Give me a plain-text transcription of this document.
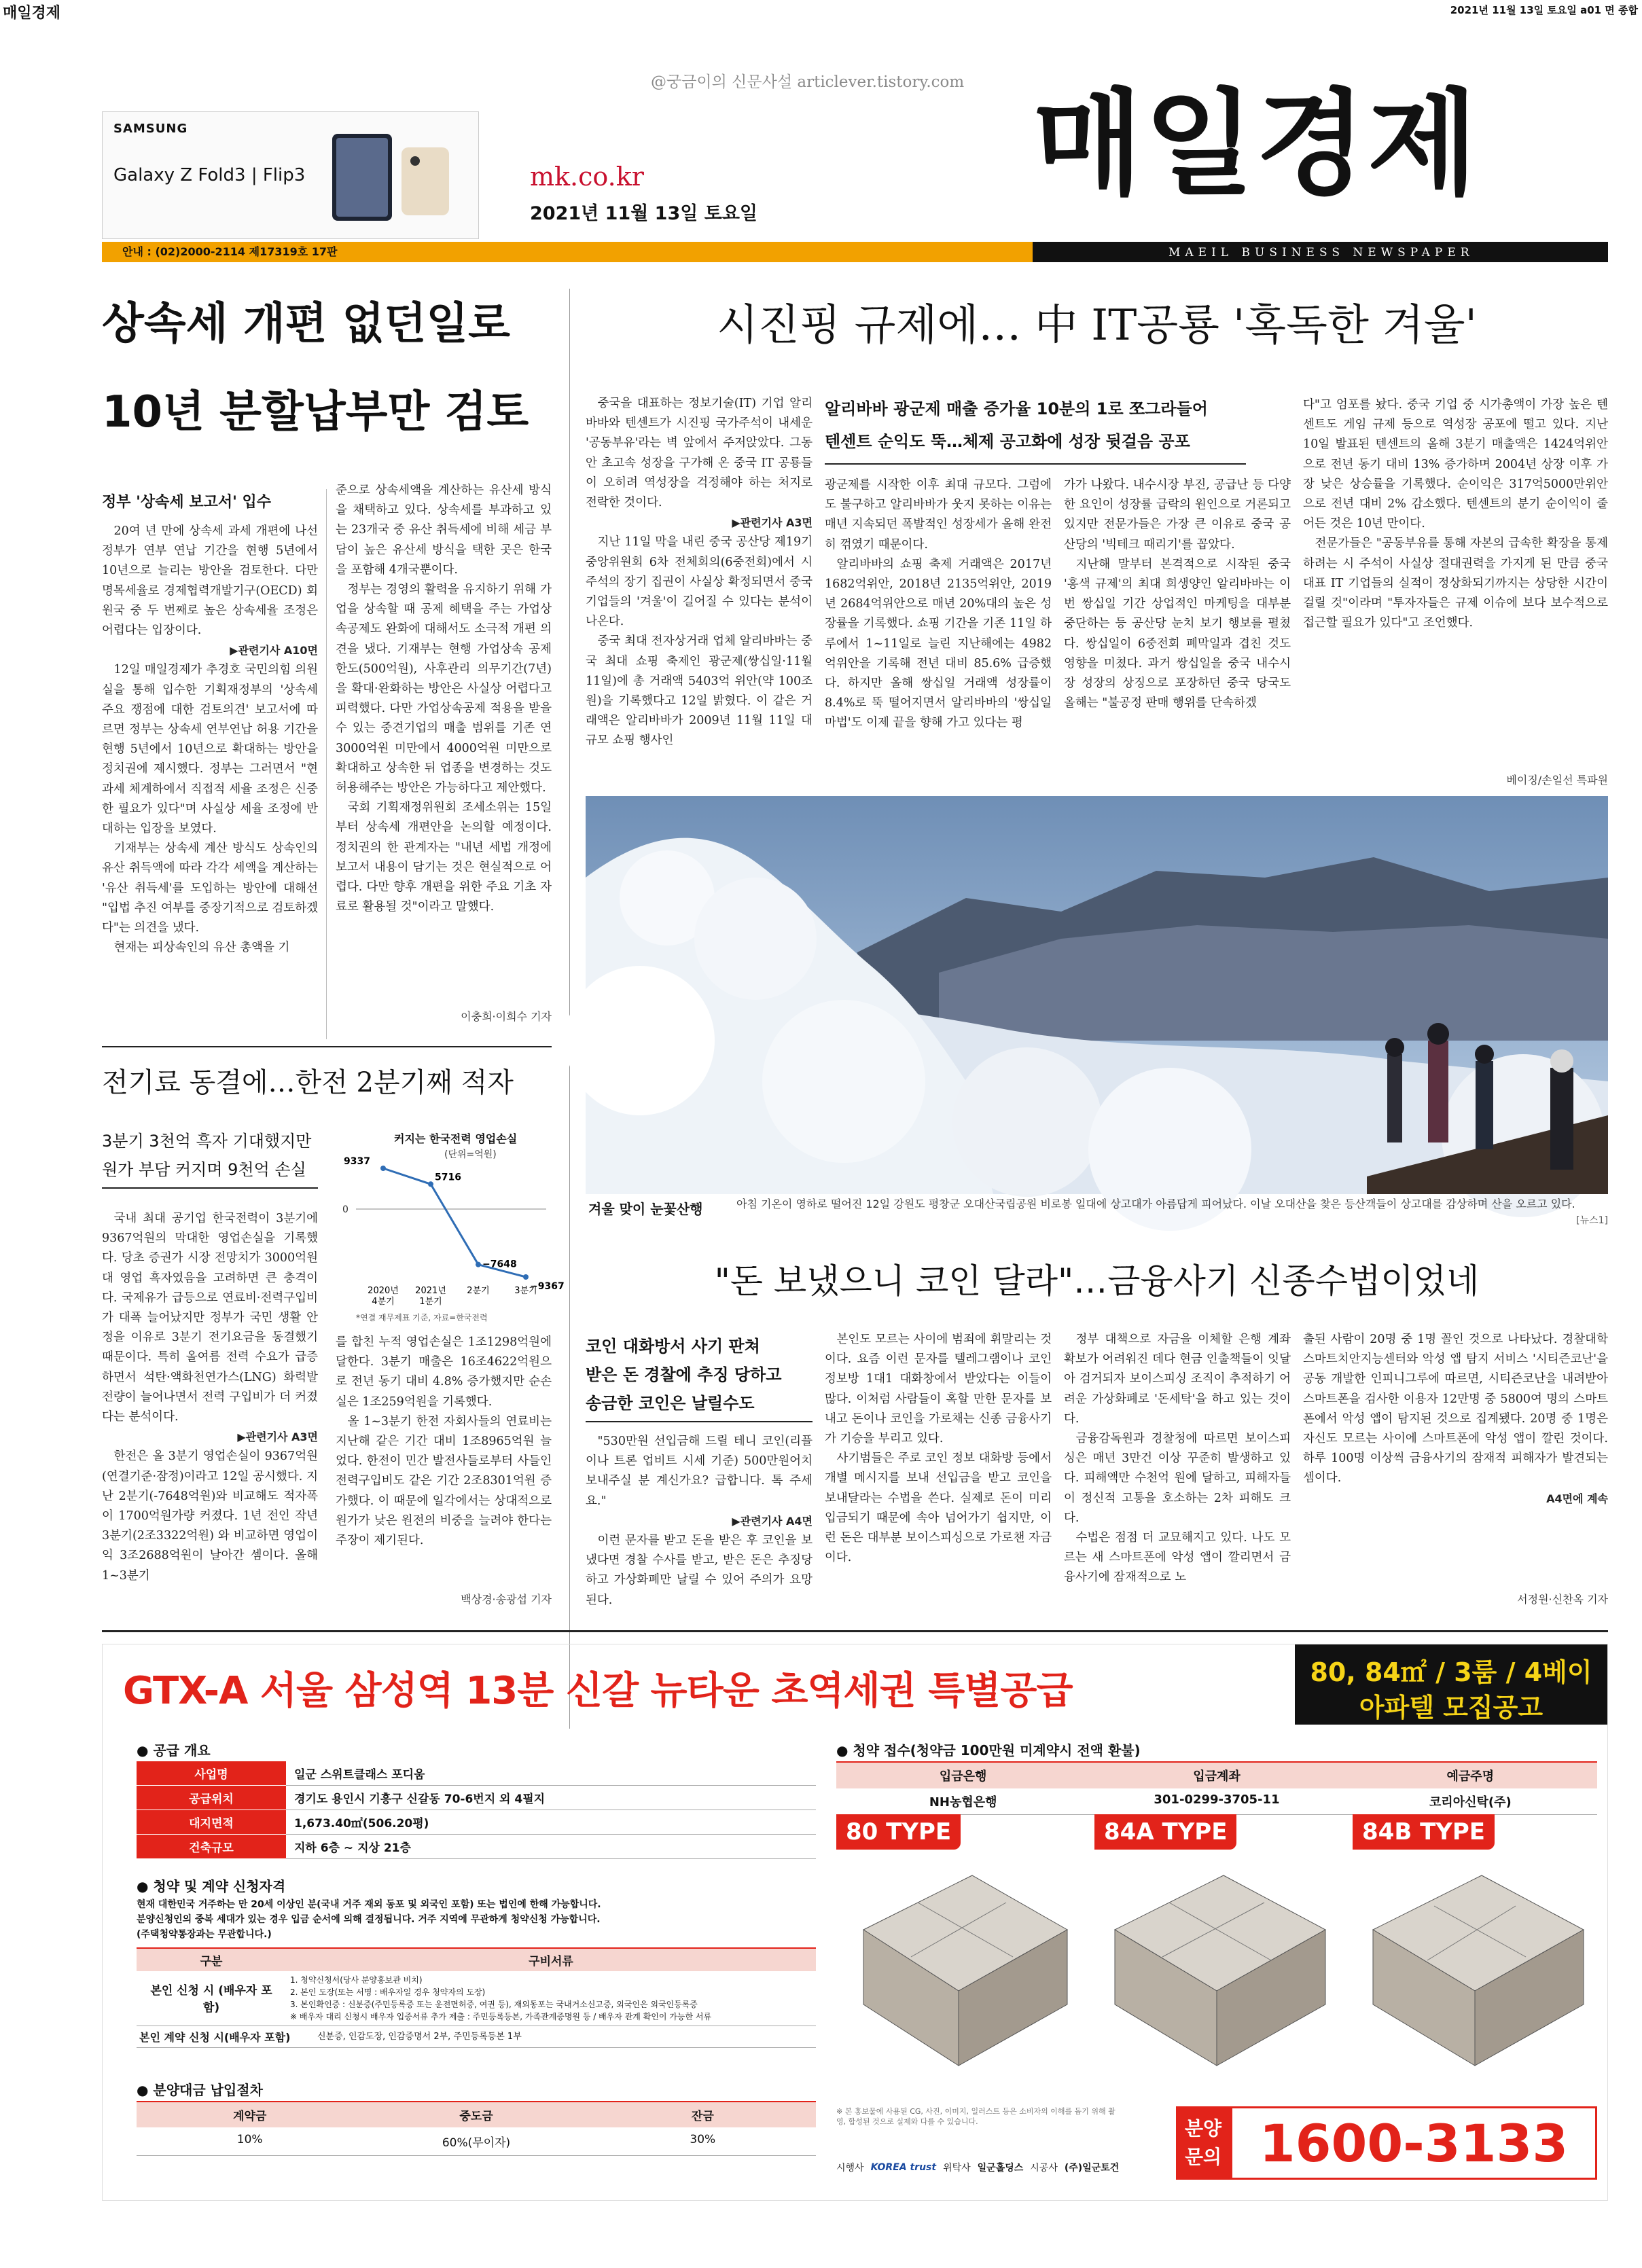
매일경제	2021년 11월 13일 토요일 a01 면 종합
@궁금이의 신문사설 articlever.tistory.com
SAMSUNG
Galaxy Z Fold3 | Flip3	mk.co.kr
2021년 11월 13일 토요일
매일경제
안내 : (02)2000-2114 제17319호 17판	MAEIL BUSINESS NEWSPAPER
상속세 개편 없던일로
10년 분할납부만 검토
정부 '상속세 보고서' 입수

20여 년 만에 상속세 과세 개편에 나선 정부가 연부 연납 기간을 현행 5년에서 10년으로 늘리는 방안을 검토한다. 다만 명목세율로 경제협력개발기구(OECD) 회원국 중 두 번째로 높은 상속세율 조정은 어렵다는 입장이다.

▶관련기사 A10면

12일 매일경제가 추경호 국민의힘 의원실을 통해 입수한 기획재정부의 '상속세 주요 쟁점에 대한 검토의견' 보고서에 따르면 정부는 상속세 연부연납 허용 기간을 현행 5년에서 10년으로 확대하는 방안을 정치권에 제시했다. 정부는 그러면서 "현 과세 체계하에서 직접적 세율 조정은 신중한 필요가 있다"며 사실상 세율 조정에 반대하는 입장을 보였다.

기재부는 상속세 계산 방식도 상속인의 유산 취득액에 따라 각각 세액을 계산하는 '유산 취득세'를 도입하는 방안에 대해선 "입법 추진 여부를 중장기적으로 검토하겠다"는 의견을 냈다.

현재는 피상속인의 유산 총액을 기

준으로 상속세액을 계산하는 유산세 방식을 채택하고 있다. 상속세를 부과하고 있는 23개국 중 유산 취득세에 비해 세금 부담이 높은 유산세 방식을 택한 곳은 한국을 포함해 4개국뿐이다.

정부는 경영의 활력을 유지하기 위해 가업을 상속할 때 공제 혜택을 주는 가업상속공제도 완화에 대해서도 소극적 개편 의견을 냈다. 기재부는 현행 가업상속 공제한도(500억원), 사후관리 의무기간(7년) 을 확대·완화하는 방안은 사실상 어렵다고 피력했다. 다만 가업상속공제 적용을 받을 수 있는 중견기업의 매출 범위를 기존 연 3000억원 미만에서 4000억원 미만으로 확대하고 상속한 뒤 업종을 변경하는 것도 허용해주는 방안은 가능하다고 제안했다.

국회 기획재정위원회 조세소위는 15일부터 상속세 개편안을 논의할 예정이다. 정치권의 한 관계자는 "내년 세법 개정에 보고서 내용이 담기는 것은 현실적으로 어렵다. 다만 향후 개편을 위한 주요 기초 자료로 활용될 것"이라고 말했다.

이충희·이희수 기자
시진핑 규제에… 中 IT공룡 '혹독한 겨울'

중국을 대표하는 정보기술(IT) 기업 알리바바와 텐센트가 시진핑 국가주석이 내세운 '공동부유'라는 벽 앞에서 주저앉았다. 그동안 초고속 성장을 구가해 온 중국 IT 공룡들이 오히려 역성장을 걱정해야 하는 처지로 전락한 것이다.

▶관련기사 A3면

지난 11일 막을 내린 중국 공산당 제19기 중앙위원회 6차 전체회의(6중전회)에서 시 주석의 장기 집권이 사실상 확정되면서 중국 기업들의 '겨울'이 길어질 수 있다는 분석이 나온다.

중국 최대 전자상거래 업체 알리바바는 중국 최대 쇼핑 축제인 광군제(쌍십일·11월 11일)에 총 거래액 5403억 위안(약 100조원)을 기록했다고 12일 밝혔다. 이 같은 거래액은 알리바바가 2009년 11월 11일 대규모 쇼핑 행사인

알리바바 광군제 매출 증가율 10분의 1로 쪼그라들어
텐센트 순익도 뚝…체제 공고화에 성장 뒷걸음 공포

광군제를 시작한 이후 최대 규모다. 그럼에도 불구하고 알리바바가 웃지 못하는 이유는 매년 지속되던 폭발적인 성장세가 올해 완전히 꺾였기 때문이다.

알리바바의 쇼핑 축제 거래액은 2017년 1682억위안, 2018년 2135억위안, 2019년 2684억위안으로 매년 20%대의 높은 성장률을 기록했다. 쇼핑 기간을 기존 11일 하루에서 1~11일로 늘린 지난해에는 4982억위안을 기록해 전년 대비 85.6% 급증했다. 하지만 올해 쌍십일 거래액 성장률이 8.4%로 뚝 떨어지면서 알리바바의 '쌍십일 마법'도 이제 끝을 향해 가고 있다는 평

가가 나왔다. 내수시장 부진, 공급난 등 다양한 요인이 성장률 급락의 원인으로 거론되고 있지만 전문가들은 가장 큰 이유로 중국 공산당의 '빅테크 때리기'를 꼽았다.

지난해 말부터 본격적으로 시작된 중국 '홍색 규제'의 최대 희생양인 알리바바는 이번 쌍십일 기간 상업적인 마케팅을 대부분 중단하는 등 공산당 눈치 보기 행보를 펼쳤다. 쌍십일이 6중전회 폐막일과 겹친 것도 영향을 미쳤다. 과거 쌍십일을 중국 내수시장 성장의 상징으로 포장하던 중국 당국도 올해는 "불공정 판매 행위를 단속하겠

다"고 엄포를 놨다. 중국 기업 중 시가총액이 가장 높은 텐센트도 게임 규제 등으로 역성장 공포에 떨고 있다. 지난 10일 발표된 텐센트의 올해 3분기 매출액은 1424억위안으로 전년 동기 대비 13% 증가하며 2004년 상장 이후 가장 낮은 상승률을 기록했다. 순이익은 317억5000만위안으로 전년 대비 2% 감소했다. 텐센트의 분기 순이익이 줄어든 것은 10년 만이다.

전문가들은 "공동부유를 통해 자본의 급속한 확장을 통제하려는 시 주석이 사실상 절대권력을 가지게 된 만큼 중국 대표 IT 기업들의 실적이 정상화되기까지는 상당한 시간이 걸릴 것"이라며 "투자자들은 규제 이슈에 보다 보수적으로 접근할 필요가 있다"고 조언했다.

베이징/손일선 특파원
겨울 맞이 눈꽃산행	아침 기온이 영하로 떨어진 12일 강원도 평창군 오대산국립공원 비로봉 일대에 상고대가 아름답게 피어났다. 이날 오대산을 찾은 등산객들이 상고대를 감상하며 산을 오르고 있다.
[뉴스1]
전기료 동결에…한전 2분기째 적자
3분기 3천억 흑자 기대했지만
원가 부담 커지며 9천억 손실
커지는 한국전력 영업손실
(단위=억원)
0
9337
2020년
4분기
5716
2021년
1분기
−7648
2분기	−9367
3분기
*연결 재무제표 기준, 자료=한국전력

국내 최대 공기업 한국전력이 3분기에 9367억원의 막대한 영업손실을 기록했다. 당초 증권가 시장 전망치가 3000억원대 영업 흑자였음을 고려하면 큰 충격이다. 국제유가 급등으로 연료비·전력구입비가 대폭 늘어났지만 정부가 국민 생활 안정을 이유로 3분기 전기요금을 동결했기 때문이다. 특히 올여름 전력 수요가 급증하면서 석탄·액화천연가스(LNG) 화력발전량이 늘어나면서 전력 구입비가 더 커졌다는 분석이다.

▶관련기사 A3면

한전은 올 3분기 영업손실이 9367억원(연결기준·잠정)이라고 12일 공시했다. 지난 2분기(-7648억원)와 비교해도 적자폭이 1700억원가량 커졌다. 1년 전인 작년 3분기(2조3322억원) 와 비교하면 영업이익 3조2688억원이 날아간 셈이다. 올해 1~3분기

를 합친 누적 영업손실은 1조1298억원에 달한다. 3분기 매출은 16조4622억원으로 전년 동기 대비 4.8% 증가했지만 순손실은 1조259억원을 기록했다.

올 1~3분기 한전 자회사들의 연료비는 지난해 같은 기간 대비 1조8965억원 늘었다. 한전이 민간 발전사들로부터 사들인 전력구입비도 같은 기간 2조8301억원 증가했다. 이 때문에 일각에서는 상대적으로 원가가 낮은 원전의 비중을 늘려야 한다는 주장이 제기된다.

백상경·송광섭 기자
"돈 보냈으니 코인 달라"…금융사기 신종수법이었네
코인 대화방서 사기 판쳐
받은 돈 경찰에 추징 당하고
송금한 코인은 날릴수도

"530만원 선입금해 드릴 테니 코인(리플이나 트론 업비트 시세 기준) 500만원어치 보내주실 분 계신가요? 급합니다. 톡 주세요."

▶관련기사 A4면

이런 문자를 받고 돈을 받은 후 코인을 보냈다면 경찰 수사를 받고, 받은 돈은 추징당하고 가상화폐만 날릴 수 있어 주의가 요망된다.

본인도 모르는 사이에 범죄에 휘말리는 것이다. 요즘 이런 문자를 텔레그램이나 코인 정보방 1대1 대화창에서 받았다는 이들이 많다. 이처럼 사람들이 혹할 만한 문자를 보내고 돈이나 코인을 가로채는 신종 금융사기가 기승을 부리고 있다.

사기범들은 주로 코인 정보 대화방 등에서 개별 메시지를 보내 선입금을 받고 코인을 보내달라는 수법을 쓴다. 실제로 돈이 미리 입금되기 때문에 속아 넘어가기 쉽지만, 이런 돈은 대부분 보이스피싱으로 가로챈 자금이다.

정부 대책으로 자금을 이체할 은행 계좌 확보가 어려워진 데다 현금 인출책들이 잇달아 검거되자 보이스피싱 조직이 추적하기 어려운 가상화폐로 '돈세탁'을 하고 있는 것이다.

금융감독원과 경찰청에 따르면 보이스피싱은 매년 3만건 이상 꾸준히 발생하고 있다. 피해액만 수천억 원에 달하고, 피해자들이 정신적 고통을 호소하는 2차 피해도 크다.

수법은 점점 더 교묘해지고 있다. 나도 모르는 새 스마트폰에 악성 앱이 깔리면서 금융사기에 잠재적으로 노

출된 사람이 20명 중 1명 꼴인 것으로 나타났다. 경찰대학 스마트치안지능센터와 악성 앱 탐지 서비스 '시티즌코난'을 공동 개발한 인피니그루에 따르면, 시티즌코난을 내려받아 스마트폰을 검사한 이용자 12만명 중 5800여 명의 스마트폰에서 악성 앱이 탐지된 것으로 집계됐다. 20명 중 1명은 자신도 모르는 사이에 스마트폰에 악성 앱이 깔린 것이다. 하루 100명 이상씩 금융사기의 잠재적 피해자가 발견되는 셈이다.

A4면에 계속
서정원·신찬옥 기자
GTX-A 서울 삼성역 13분 신갈 뉴타운 초역세권 특별공급	80, 84㎡ / 3룸 / 4베이
아파텔 모집공고
● 공급 개요
사업명	일군 스위트클래스 포디움
공급위치	경기도 용인시 기흥구 신갈동 70-6번지 외 4필지
대지면적	1,673.40㎡(506.20평)
건축규모	지하 6층 ~ 지상 21층
● 청약 및 계약 신청자격
현재 대한민국 거주하는 만 20세 이상인 분(국내 거주 재외 동포 및 외국인 포함) 또는 법인에 한해 가능합니다.
분양신청인의 중복 세대가 있는 경우 입금 순서에 의해 결정됩니다. 거주 지역에 무관하게 청약신청 가능합니다.
(주택청약통장과는 무관합니다.)
구분	구비서류
본인 신청 시 (배우자 포함)
1. 청약신청서(당사 분양홍보관 비치)
2. 본인 도장(또는 서명 : 배우자일 경우 청약자의 도장)
3. 본인확인증 : 신분증(주민등록증 또는 운전면허증, 여권 등), 재외동포는 국내거소신고증, 외국인은 외국인등록증
※ 배우자 대리 신청시 배우자 입증서류 추가 제출 : 주민등록등본, 가족관계증명원 등 / 배우자 관계 확인이 가능한 서류
본인 계약 신청 시(배우자 포함)	신분증, 인감도장, 인감증명서 2부, 주민등록등본 1부
● 분양대금 납입절차
계약금	중도금	잔금
10%	60%(무이자)	30%
● 청약 접수(청약금 100만원 미계약시 전액 환불)
입금은행	입금계좌	예금주명
NH농협은행	301-0299-3705-11	코리아신탁(주)
80 TYPE	84A TYPE	84B TYPE
※ 본 홍보물에 사용된 CG, 사진, 이미지, 일러스트 등은 소비자의 이해를 돕기 위해 촬영, 합성된 것으로 실제와 다를 수 있습니다.
시행사 KOREA trust 위탁사 일군홀딩스 시공사 (주)일군토건
분양 문의 1600-3133
